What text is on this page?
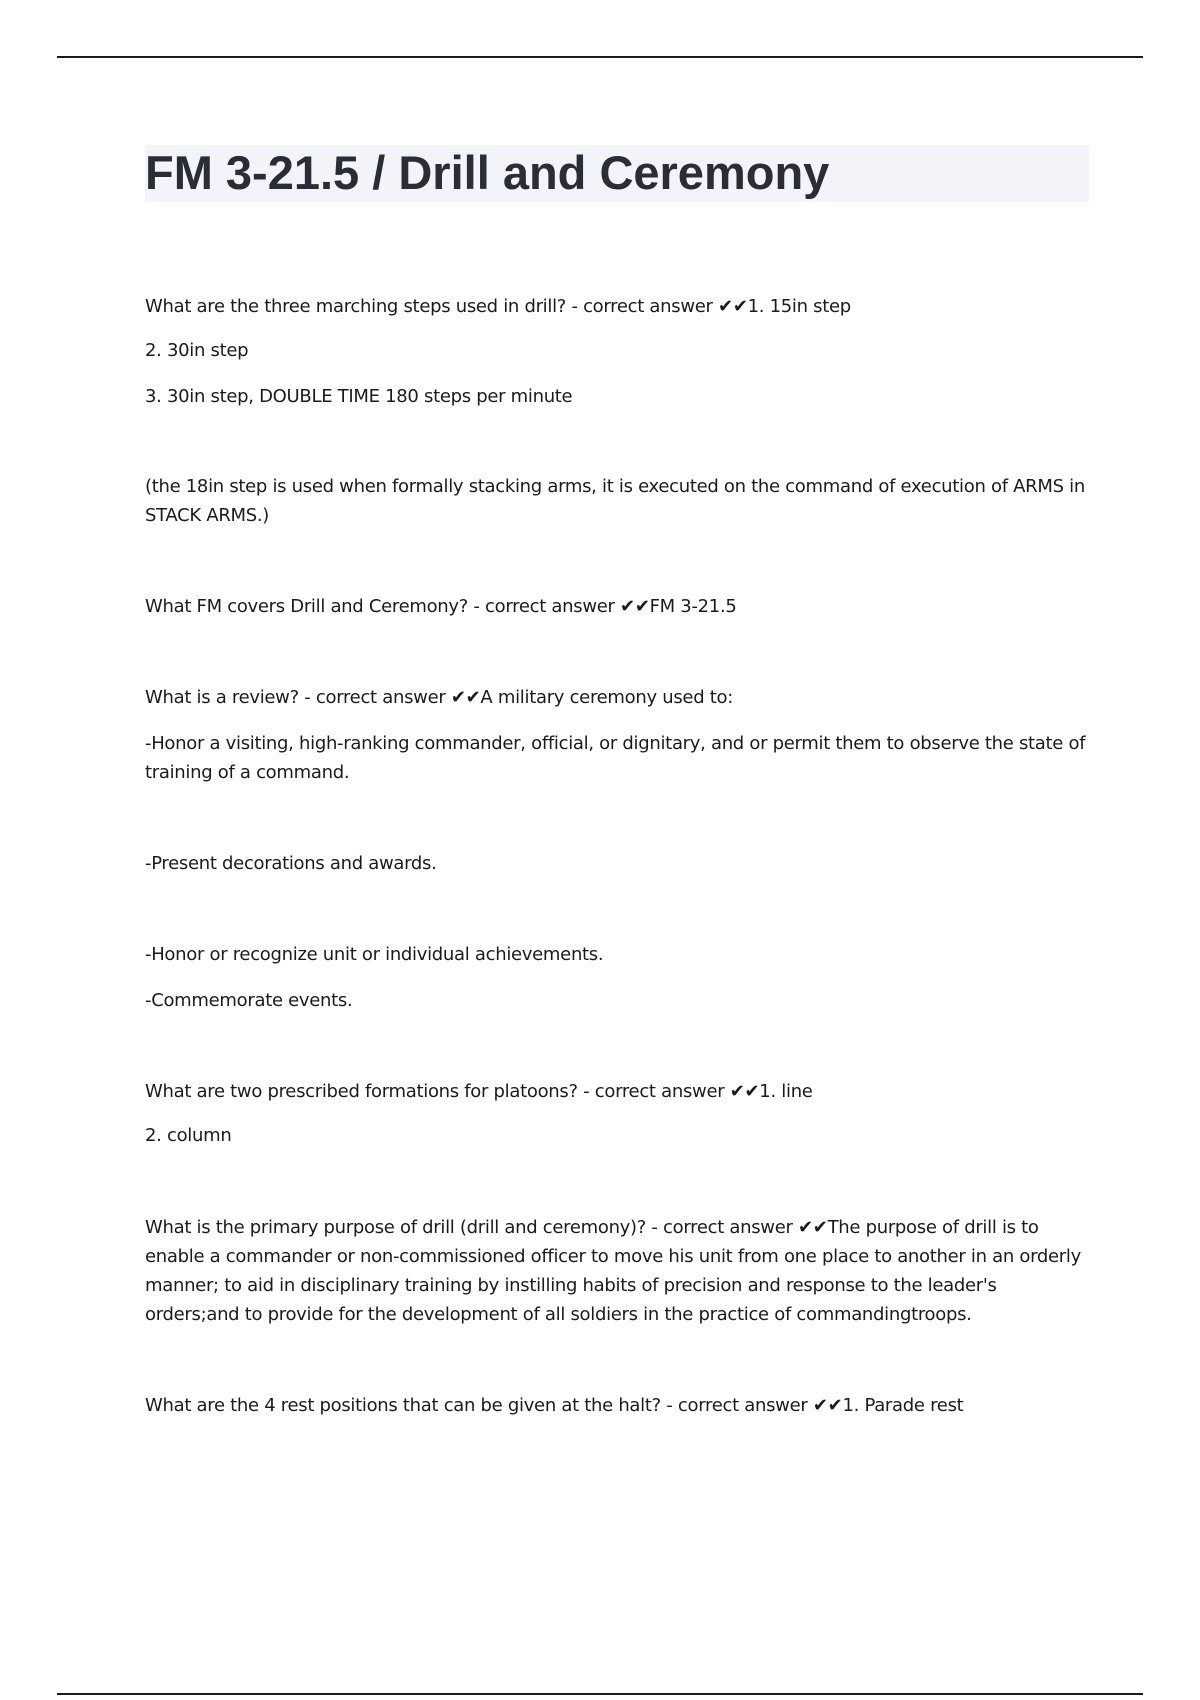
FM 3-21.5 / Drill and Ceremony

What are the three marching steps used in drill? - correct answer ✔✔1. 15in step

2. 30in step

3. 30in step, DOUBLE TIME 180 steps per minute

(the 18in step is used when formally stacking arms, it is executed on the command of execution of ARMS in STACK ARMS.)

What FM covers Drill and Ceremony? - correct answer ✔✔FM 3-21.5

What is a review? - correct answer ✔✔A military ceremony used to:

-Honor a visiting, high-ranking commander, official, or dignitary, and or permit them to observe the state of training of a command.

-Present decorations and awards.

-Honor or recognize unit or individual achievements.

-Commemorate events.

What are two prescribed formations for platoons? - correct answer ✔✔1. line

2. column

What is the primary purpose of drill (drill and ceremony)? - correct answer ✔✔The purpose of drill is to enable a commander or non-commissioned officer to move his unit from one place to another in an orderly manner; to aid in disciplinary training by instilling habits of precision and response to the leader's orders;and to provide for the development of all soldiers in the practice of commandingtroops.

What are the 4 rest positions that can be given at the halt? - correct answer ✔✔1. Parade rest
